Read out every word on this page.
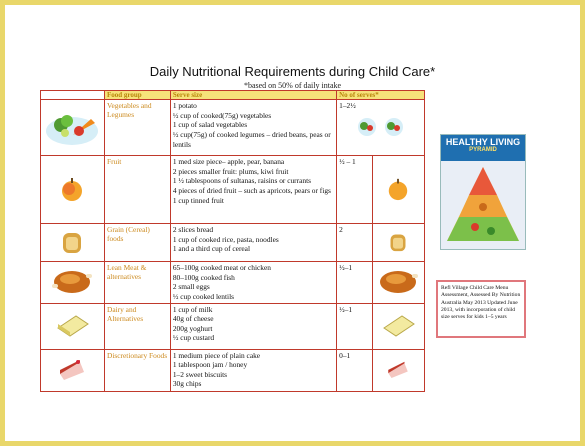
Daily Nutritional Requirements during Child Care*
*based on 50% of daily intake
	Food group	Serve size	No of serves*	
	Vegetables and Legumes	1 potato
½ cup of cooked(75g) vegetables
1 cup of salad vegetables
½ cup(75g) of cooked legumes – dried beans, peas or lentils	1–2½	

	Fruit	1 med size piece– apple, pear, banana
2 pieces smaller fruit: plums, kiwi fruit
1 ½ tablespoons of sultanas, raisins or currants
4 pieces of dried fruit – such as apricots, pears or figs
1 cup tinned fruit	½ – 1	
	Grain (Cereal) foods	2 slices bread
1 cup of cooked rice, pasta, noodles
1 and a third cup of cereal	2	
	Lean Meat & alternatives	65–100g cooked meat or chicken
80–100g cooked fish
2 small eggs
½ cup cooked lentils	½–1	
	Dairy and Alternatives	1 cup of milk
40g of cheese
200g yoghurt
½ cup custard	½–1	
	Discretionary Foods	1 medium piece of plain cake
1 tablespoon jam / honey
1–2 sweet biscuits
30g chips	0–1	
HEALTHY LIVING
PYRAMID
Refl Village Child Care Menu Assessment, Assessed By Nutrition Australia May 2013 Updated June 2013, with incorporation of child size serves for kids 1–5 years
